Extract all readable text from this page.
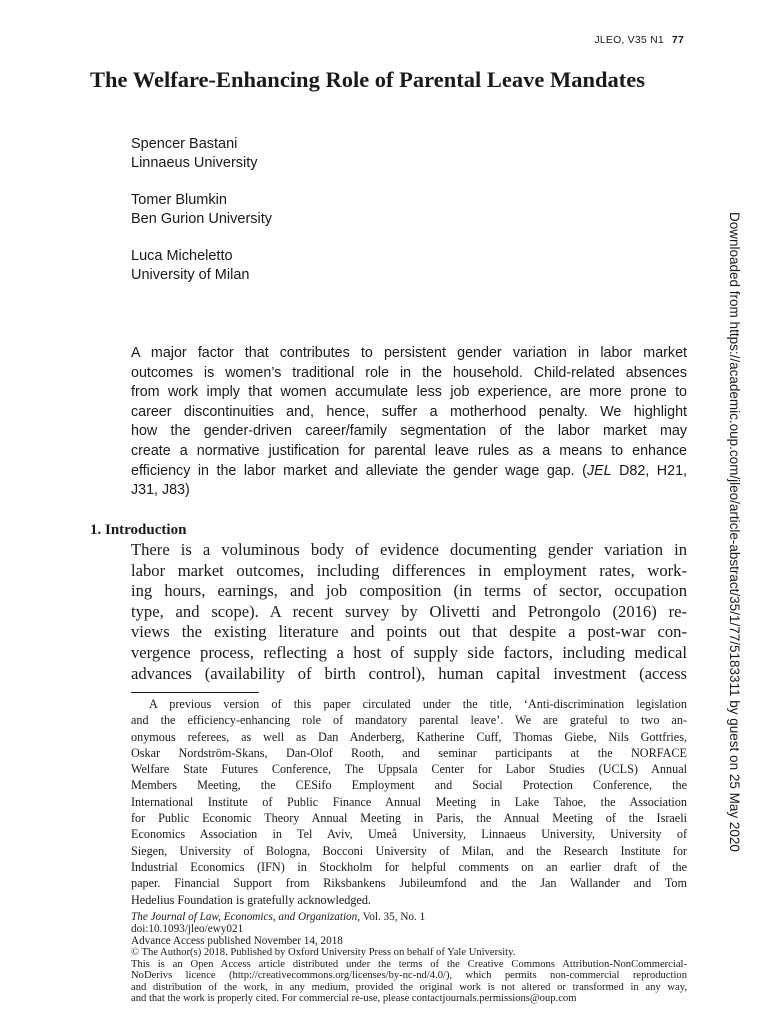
JLEO, V35 N1 77
The Welfare-Enhancing Role of Parental Leave Mandates
Spencer Bastani
Linnaeus University
Tomer Blumkin
Ben Gurion University
Luca Micheletto
University of Milan
A major factor that contributes to persistent gender variation in labor market
outcomes is women’s traditional role in the household. Child-related absences
from work imply that women accumulate less job experience, are more prone to
career discontinuities and, hence, suffer a motherhood penalty. We highlight
how the gender-driven career/family segmentation of the labor market may
create a normative justification for parental leave rules as a means to enhance
efficiency in the labor market and alleviate the gender wage gap. (JEL D82, H21,
J31, J83)
1. Introduction
There is a voluminous body of evidence documenting gender variation in
labor market outcomes, including differences in employment rates, work-
ing hours, earnings, and job composition (in terms of sector, occupation
type, and scope). A recent survey by Olivetti and Petrongolo (2016) re-
views the existing literature and points out that despite a post-war con-
vergence process, reflecting a host of supply side factors, including medical
advances (availability of birth control), human capital investment (access
A previous version of this paper circulated under the title, ‘Anti-discrimination legislation
and the efficiency-enhancing role of mandatory parental leave’. We are grateful to two an-
onymous referees, as well as Dan Anderberg, Katherine Cuff, Thomas Giebe, Nils Gottfries,
Oskar Nordström-Skans, Dan-Olof Rooth, and seminar participants at the NORFACE
Welfare State Futures Conference, The Uppsala Center for Labor Studies (UCLS) Annual
Members Meeting, the CESifo Employment and Social Protection Conference, the
International Institute of Public Finance Annual Meeting in Lake Tahoe, the Association
for Public Economic Theory Annual Meeting in Paris, the Annual Meeting of the Israeli
Economics Association in Tel Aviv, Umeå University, Linnaeus University, University of
Siegen, University of Bologna, Bocconi University of Milan, and the Research Institute for
Industrial Economics (IFN) in Stockholm for helpful comments on an earlier draft of the
paper. Financial Support from Riksbankens Jubileumfond and the Jan Wallander and Tom
Hedelius Foundation is gratefully acknowledged.
The Journal of Law, Economics, and Organization, Vol. 35, No. 1
doi:10.1093/jleo/ewy021
Advance Access published November 14, 2018
© The Author(s) 2018. Published by Oxford University Press on behalf of Yale University.
This is an Open Access article distributed under the terms of the Creative Commons Attribution-NonCommercial-
NoDerivs licence (http://creativecommons.org/licenses/by-nc-nd/4.0/), which permits non-commercial reproduction
and distribution of the work, in any medium, provided the original work is not altered or transformed in any way,
and that the work is properly cited. For commercial re-use, please contactjournals.permissions@oup.com
Downloaded from https://academic.oup.com/jleo/article-abstract/35/1/77/5183311 by guest on 25 May 2020
